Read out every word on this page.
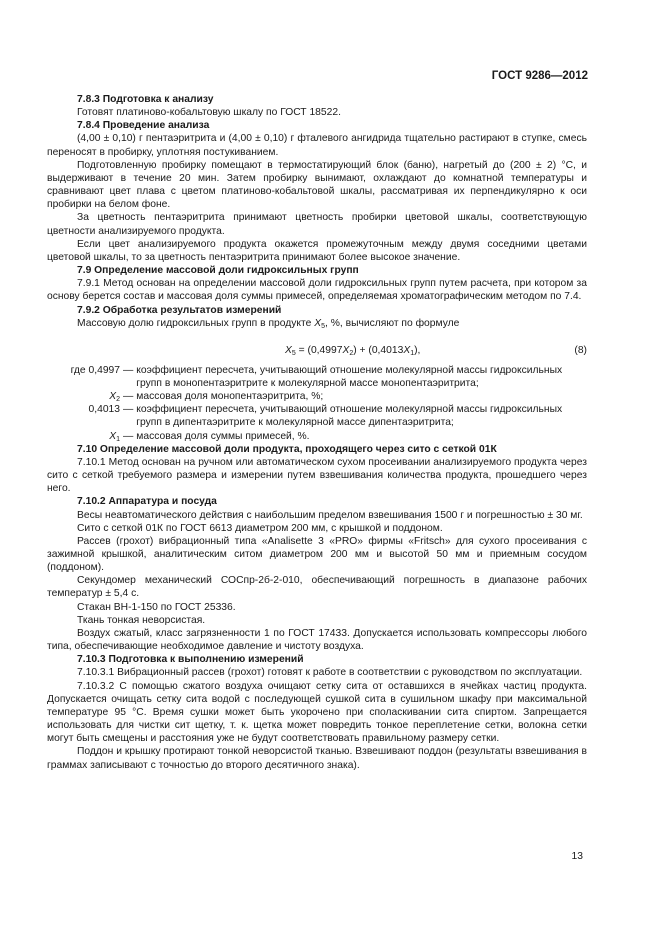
ГОСТ 9286—2012

7.8.3 Подготовка к анализу

Готовят платиново-кобальтовую шкалу по ГОСТ 18522.

7.8.4 Проведение анализа

(4,00 ± 0,10) г пентаэритрита и (4,00 ± 0,10) г фталевого ангидрида тщательно растирают в ступке, смесь переносят в пробирку, уплотняя постукиванием.

Подготовленную пробирку помещают в термостатирующий блок (баню), нагретый до (200 ± 2) °С, и выдерживают в течение 20 мин. Затем пробирку вынимают, охлаждают до комнатной температуры и сравнивают цвет плава с цветом платиново-кобальтовой шкалы, рассматривая их перпендикулярно к оси пробирки на белом фоне.

За цветность пентаэритрита принимают цветность пробирки цветовой шкалы, соответствующую цветности анализируемого продукта.

Если цвет анализируемого продукта окажется промежуточным между двумя соседними цветами цветовой шкалы, то за цветность пентаэритрита принимают более высокое значение.

7.9 Определение массовой доли гидроксильных групп

7.9.1 Метод основан на определении массовой доли гидроксильных групп путем расчета, при котором за основу берется состав и массовая доля суммы примесей, определяемая хроматографическим методом по 7.4.

7.9.2 Обработка результатов измерений

Массовую долю гидроксильных групп в продукте $X_5$, %, вычисляют по формуле

$X_5 = (0,4997X_2) + (0,4013X_1)$,	(8)
где 0,4997 — коэффициент пересчета, учитывающий отношение молекулярной массы гидроксильных групп в монопентаэритрите к молекулярной массе монопентаэритрита;
$X_2$ — массовая доля монопентаэритрита, %;
0,4013 — коэффициент пересчета, учитывающий отношение молекулярной массы гидроксильных групп в дипентаэритрите к молекулярной массе дипентаэритрита;
$X_1$ — массовая доля суммы примесей, %.

7.10 Определение массовой доли продукта, проходящего через сито с сеткой 01К

7.10.1 Метод основан на ручном или автоматическом сухом просеивании анализируемого продукта через сито с сеткой требуемого размера и измерении путем взвешивания количества продукта, прошедшего через него.

7.10.2 Аппаратура и посуда

Весы неавтоматического действия с наибольшим пределом взвешивания 1500 г и погрешностью ± 30 мг.

Сито с сеткой 01К по ГОСТ 6613 диаметром 200 мм, с крышкой и поддоном.

Рассев (грохот) вибрационный типа «Analisette 3 «PRO» фирмы «Fritsch» для сухого просеивания с зажимной крышкой, аналитическим ситом диаметром 200 мм и высотой 50 мм и приемным сосудом (поддоном).

Секундомер механический СОСпр-2б-2-010, обеспечивающий погрешность в диапазоне рабочих температур ± 5,4 с.

Стакан ВН-1-150 по ГОСТ 25336.

Ткань тонкая неворсистая.

Воздух сжатый, класс загрязненности 1 по ГОСТ 17433. Допускается использовать компрессоры любого типа, обеспечивающие необходимое давление и чистоту воздуха.

7.10.3 Подготовка к выполнению измерений

7.10.3.1 Вибрационный рассев (грохот) готовят к работе в соответствии с руководством по эксплуатации.

7.10.3.2 С помощью сжатого воздуха очищают сетку сита от оставшихся в ячейках частиц продукта. Допускается очищать сетку сита водой с последующей сушкой сита в сушильном шкафу при максимальной температуре 95 °С. Время сушки может быть укорочено при споласкивании сита спиртом. Запрещается использовать для чистки сит щетку, т. к. щетка может повредить тонкое переплетение сетки, волокна сетки могут быть смещены и расстояния уже не будут соответствовать правильному размеру сетки.

Поддон и крышку протирают тонкой неворсистой тканью. Взвешивают поддон (результаты взвешивания в граммах записывают с точностью до второго десятичного знака).

13
